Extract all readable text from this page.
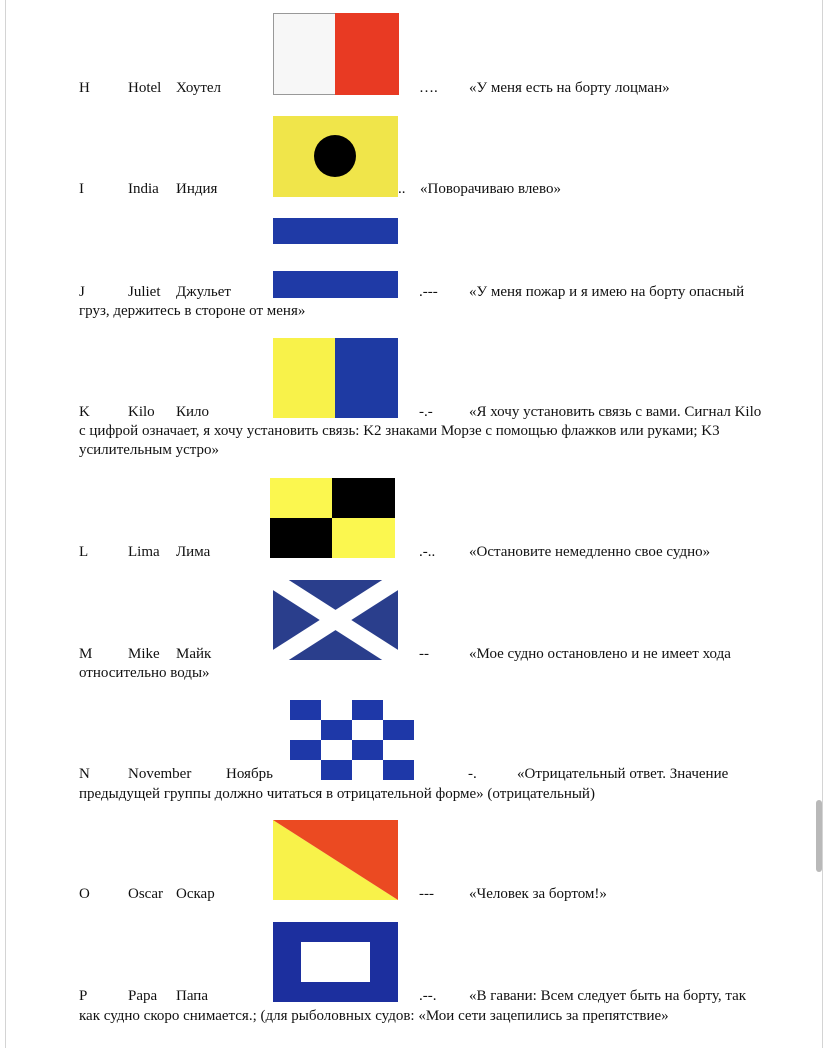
H	Hotel Хоутел	…. «У меня есть на борту лоцман»
I	India Индия	.. «Поворачиваю влево»
J	Juliet Джульет	.--- «У меня пожар и я имею на борту опасный
груз, держитесь в стороне от меня»
K	Kilo Кило	-.- «Я хочу установить связь с вами. Сигнал Kilo
с цифрой означает, я хочу установить связь: K2 знаками Морзе с помощью флажков или руками; K3
усилительным устро»
L	Lima Лима	.-.. «Остановите немедленно свое судно»
M Mike Майк	--	«Мое судно остановлено и не имеет хода
относительно воды»
N	November Ноябрь	-.	«Отрицательный ответ. Значение
предыдущей группы должно читаться в отрицательной форме» (отрицательный)
O	Oscar Оскар	--- «Человек за бортом!»
P	Papa Папа	.--. «В гавани: Всем следует быть на борту, так
как судно скоро снимается.; (для рыболовных судов: «Мои сети зацепились за препятствие»
